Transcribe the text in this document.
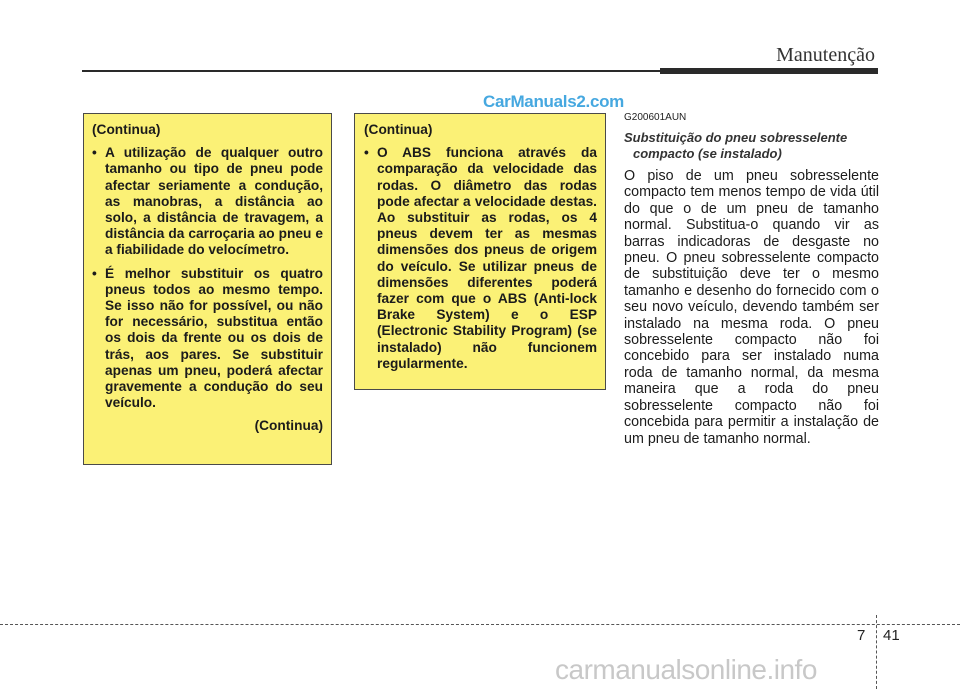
Manutenção
CarManuals2.com
(Continua)
• A utilização de qualquer outro tamanho ou tipo de pneu pode afectar seriamente a condução, as manobras, a distância ao solo, a distância de travagem, a distância da carroçaria ao pneu e a fiabilidade do velocímetro.
• É melhor substituir os quatro pneus todos ao mesmo tempo. Se isso não for possível, ou não for necessário, substitua então os dois da frente ou os dois de trás, aos pares. Se substituir apenas um pneu, poderá afectar gravemente a condução do seu veículo.
(Continua)
(Continua)
• O ABS funciona através da comparação da velocidade das rodas. O diâmetro das rodas pode afectar a velocidade destas. Ao substituir as rodas, os 4 pneus devem ter as mesmas dimensões dos pneus de origem do veículo. Se utilizar pneus de dimensões diferentes poderá fazer com que o ABS (Anti-lock Brake System) e o ESP (Electronic Stability Program) (se instalado) não funcionem regularmente.
G200601AUN
Substituição do pneu sobresselente
compacto (se instalado)
O piso de um pneu sobresselente compacto tem menos tempo de vida útil do que o de um pneu de tamanho normal. Substitua-o quando vir as barras indicadoras de desgaste no pneu. O pneu sobresselente compacto de substituição deve ter o mesmo tamanho e desenho do fornecido com o seu novo veículo, devendo também ser instalado na mesma roda. O pneu sobresselente compacto não foi concebido para ser instalado numa roda de tamanho normal, da mesma maneira que a roda do pneu sobresselente compacto não foi concebida para permitir a instalação de um pneu de tamanho normal.
7 41
carmanualsonline.info
